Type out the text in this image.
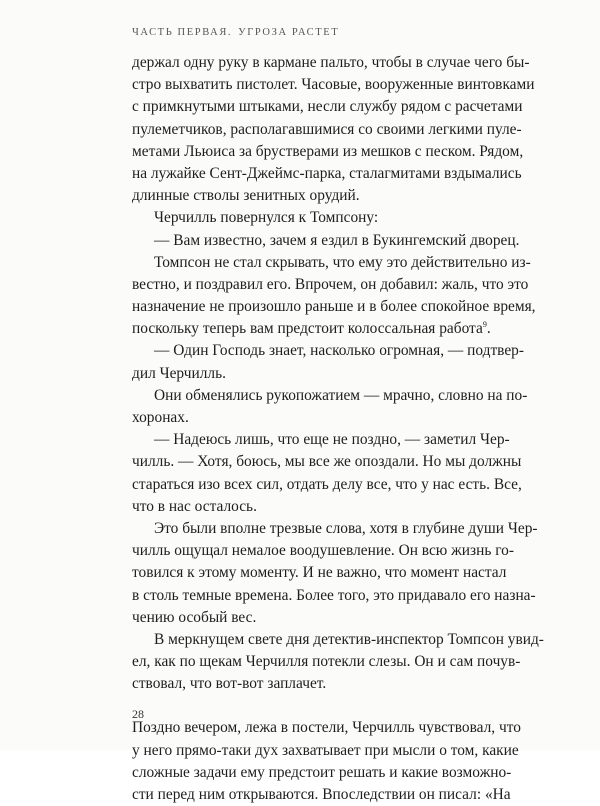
ЧАСТЬ ПЕРВАЯ. УГРОЗА РАСТЕТ
держал одну руку в кармане пальто, чтобы в случае чего бы-
стро выхватить пистолет. Часовые, вооруженные винтовками
с примкнутыми штыками, несли службу рядом с расчетами
пулеметчиков, располагавшимися со своими легкими пуле-
метами Льюиса за брустверами из мешков с песком. Рядом,
на лужайке Сент-Джеймс-парка, сталагмитами вздымались
длинные стволы зенитных орудий.
Черчилль повернулся к Томпсону:
— Вам известно, зачем я ездил в Букингемский дворец.
Томпсон не стал скрывать, что ему это действительно из-
вестно, и поздравил его. Впрочем, он добавил: жаль, что это
назначение не произошло раньше и в более спокойное время,
поскольку теперь вам предстоит колоссальная работа$^9$.
— Один Господь знает, насколько огромная, — подтвер-
дил Черчилль.
Они обменялись рукопожатием — мрачно, словно на по-
хоронах.
— Надеюсь лишь, что еще не поздно, — заметил Чер-
чилль. — Хотя, боюсь, мы все же опоздали. Но мы должны
стараться изо всех сил, отдать делу все, что у нас есть. Все,
что в нас осталось.
Это были вполне трезвые слова, хотя в глубине души Чер-
чилль ощущал немалое воодушевление. Он всю жизнь го-
товился к этому моменту. И не важно, что момент настал
в столь темные времена. Более того, это придавало его назна-
чению особый вес.
В меркнущем свете дня детектив-инспектор Томпсон увид-
ел, как по щекам Черчилля потекли слезы. Он и сам почув-
ствовал, что вот-вот заплачет.
Поздно вечером, лежа в постели, Черчилль чувствовал, что
у него прямо-таки дух захватывает при мысли о том, какие
сложные задачи ему предстоит решать и какие возможно-
сти перед ним открываются. Впоследствии он писал: «На
28
